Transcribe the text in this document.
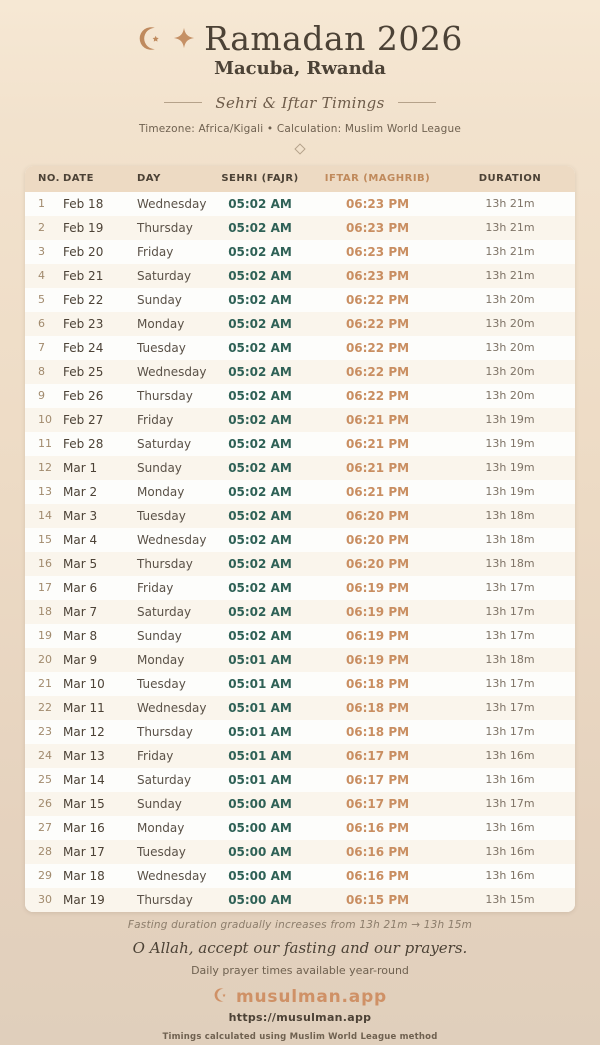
Ramadan 2026
Macuba, Rwanda
Sehri & Iftar Timings
Timezone: Africa/Kigali • Calculation: Muslim World League
NO.	DATE	DAY	SEHRI (FAJR)	IFTAR (MAGHRIB)	DURATION
1	Feb 18	Wednesday	05:02 AM	06:23 PM	13h 21m
2	Feb 19	Thursday	05:02 AM	06:23 PM	13h 21m
3	Feb 20	Friday	05:02 AM	06:23 PM	13h 21m
4	Feb 21	Saturday	05:02 AM	06:23 PM	13h 21m
5	Feb 22	Sunday	05:02 AM	06:22 PM	13h 20m
6	Feb 23	Monday	05:02 AM	06:22 PM	13h 20m
7	Feb 24	Tuesday	05:02 AM	06:22 PM	13h 20m
8	Feb 25	Wednesday	05:02 AM	06:22 PM	13h 20m
9	Feb 26	Thursday	05:02 AM	06:22 PM	13h 20m
10	Feb 27	Friday	05:02 AM	06:21 PM	13h 19m
11	Feb 28	Saturday	05:02 AM	06:21 PM	13h 19m
12	Mar 1	Sunday	05:02 AM	06:21 PM	13h 19m
13	Mar 2	Monday	05:02 AM	06:21 PM	13h 19m
14	Mar 3	Tuesday	05:02 AM	06:20 PM	13h 18m
15	Mar 4	Wednesday	05:02 AM	06:20 PM	13h 18m
16	Mar 5	Thursday	05:02 AM	06:20 PM	13h 18m
17	Mar 6	Friday	05:02 AM	06:19 PM	13h 17m
18	Mar 7	Saturday	05:02 AM	06:19 PM	13h 17m
19	Mar 8	Sunday	05:02 AM	06:19 PM	13h 17m
20	Mar 9	Monday	05:01 AM	06:19 PM	13h 18m
21	Mar 10	Tuesday	05:01 AM	06:18 PM	13h 17m
22	Mar 11	Wednesday	05:01 AM	06:18 PM	13h 17m
23	Mar 12	Thursday	05:01 AM	06:18 PM	13h 17m
24	Mar 13	Friday	05:01 AM	06:17 PM	13h 16m
25	Mar 14	Saturday	05:01 AM	06:17 PM	13h 16m
26	Mar 15	Sunday	05:00 AM	06:17 PM	13h 17m
27	Mar 16	Monday	05:00 AM	06:16 PM	13h 16m
28	Mar 17	Tuesday	05:00 AM	06:16 PM	13h 16m
29	Mar 18	Wednesday	05:00 AM	06:16 PM	13h 16m
30	Mar 19	Thursday	05:00 AM	06:15 PM	13h 15m
Fasting duration gradually increases from 13h 21m → 13h 15m
O Allah, accept our fasting and our prayers.
Daily prayer times available year-round
musulman.app
https://musulman.app
Timings calculated using Muslim World League method
